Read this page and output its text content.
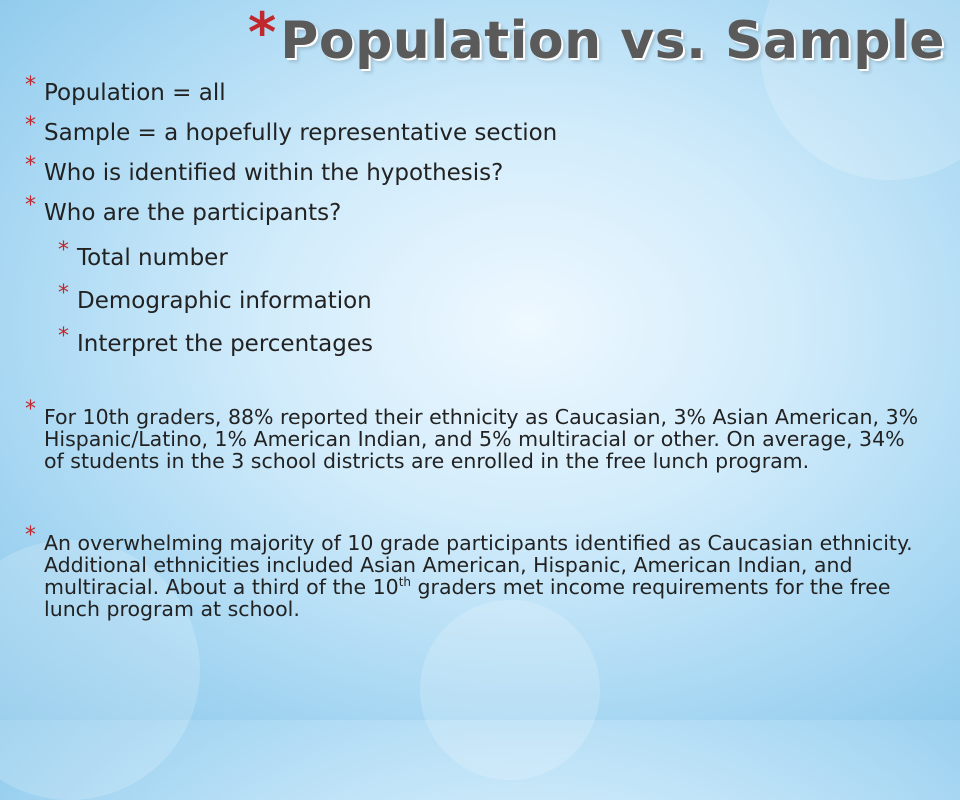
*Population vs. Sample
* Population = all
* Sample = a hopefully representative section
* Who is identified within the hypothesis?
* Who are the participants?
* Total number
* Demographic information
* Interpret the percentages
* For 10th graders, 88% reported their ethnicity as Caucasian, 3% Asian American, 3% Hispanic/Latino, 1% American Indian, and 5% multiracial or other. On average, 34% of students in the 3 school districts are enrolled in the free lunch program.
* An overwhelming majority of 10 grade participants identified as Caucasian ethnicity. Additional ethnicities included Asian American, Hispanic, American Indian, and multiracial. About a third of the 10th graders met income requirements for the free lunch program at school.
